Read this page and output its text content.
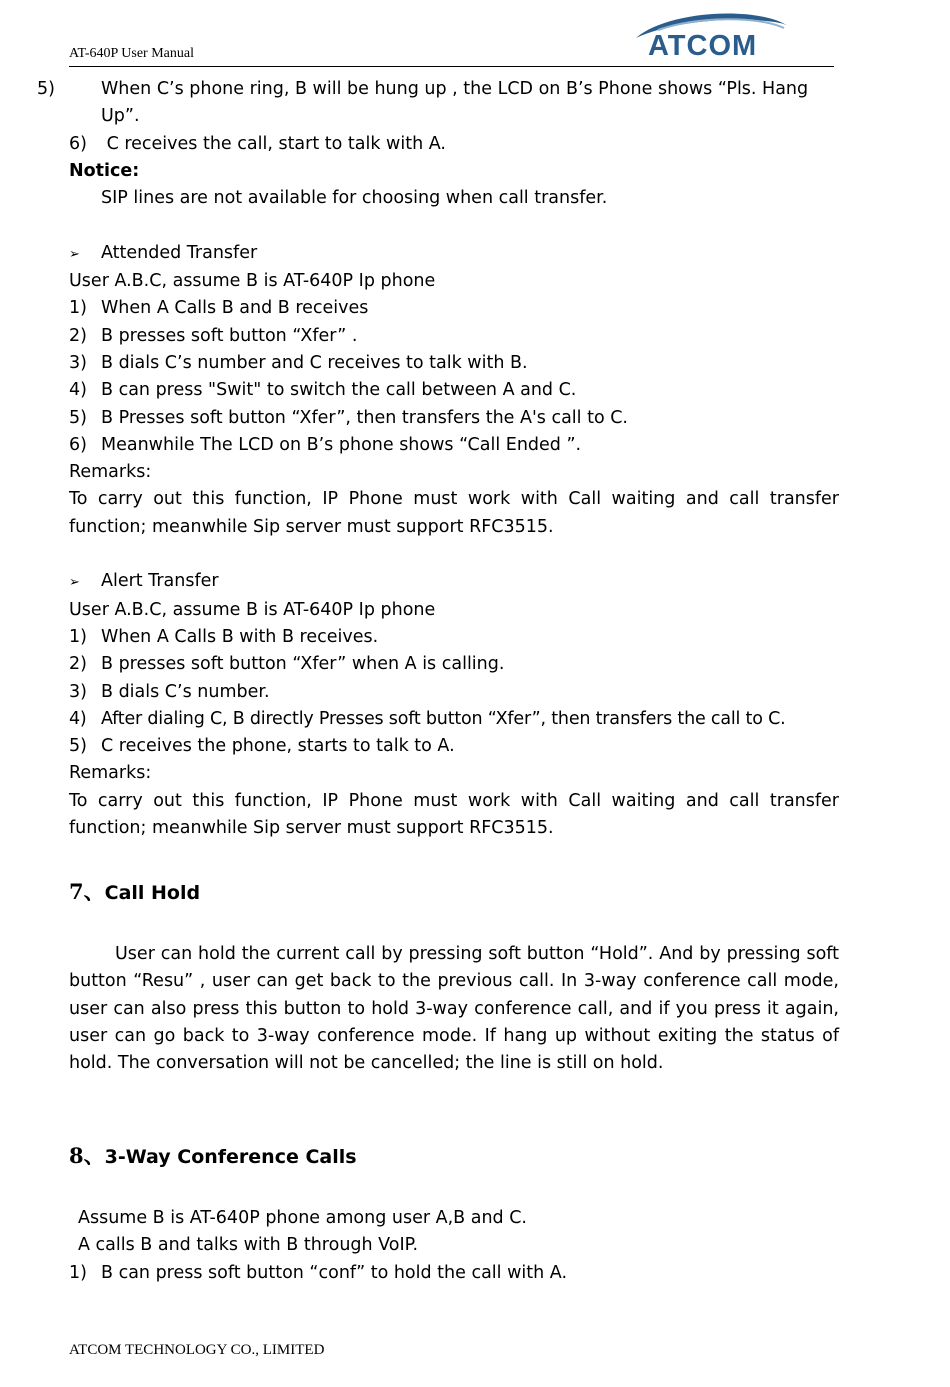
AT-640P User Manual	ATCOM
5)	When C’s phone ring, B will be hung up , the LCD on B’s Phone shows “Pls. Hang Up”.
6) C receives the call, start to talk with A.
Notice:
SIP lines are not available for choosing when call transfer.
➢ Attended Transfer
User A.B.C, assume B is AT-640P Ip phone
1) When A Calls B and B receives
2) B presses soft button “Xfer” .
3) B dials C’s number and C receives to talk with B.
4) B can press "Swit" to switch the call between A and C.
5) B Presses soft button “Xfer”, then transfers the A's call to C.
6) Meanwhile The LCD on B’s phone shows “Call Ended ”.
Remarks:
To carry out this function, IP Phone must work with Call waiting and call transfer function; meanwhile Sip server must support RFC3515.
➢ Alert Transfer
User A.B.C, assume B is AT-640P Ip phone
1) When A Calls B with B receives.
2) B presses soft button “Xfer” when A is calling.
3) B dials C’s number.
4) After dialing C, B directly Presses soft button “Xfer”, then transfers the call to C.
5) C receives the phone, starts to talk to A.
Remarks:
To carry out this function, IP Phone must work with Call waiting and call transfer function; meanwhile Sip server must support RFC3515.
7、Call Hold
User can hold the current call by pressing soft button “Hold”. And by pressing soft button “Resu” , user can get back to the previous call. In 3-way conference call mode, user can also press this button to hold 3-way conference call, and if you press it again, user can go back to 3-way conference mode. If hang up without exiting the status of hold. The conversation will not be cancelled; the line is still on hold.
8、3-Way Conference Calls
Assume B is AT-640P phone among user A,B and C.
A calls B and talks with B through VoIP.
1) B can press soft button “conf” to hold the call with A.
ATCOM TECHNOLOGY CO., LIMITED
